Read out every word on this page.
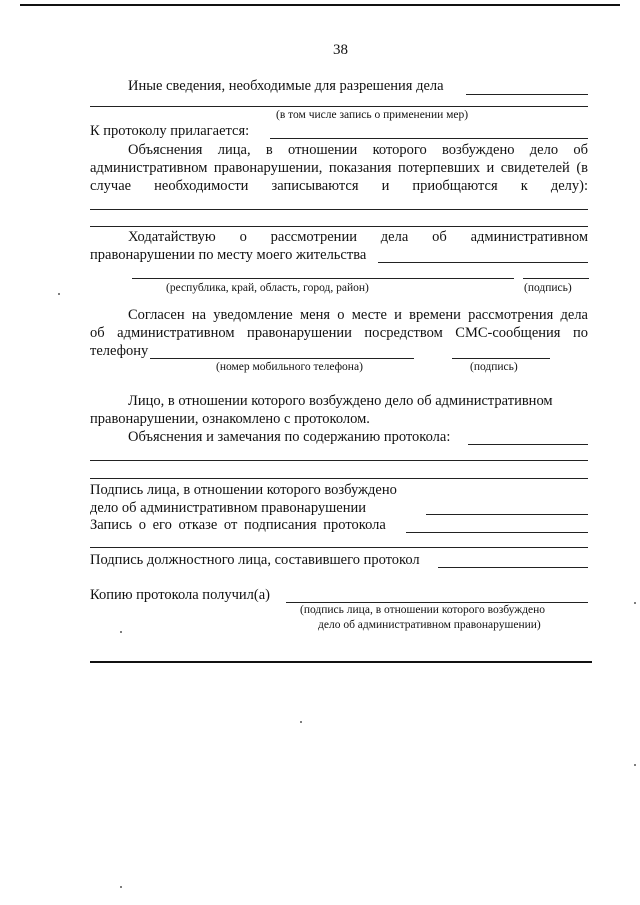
38
Иные сведения, необходимые для разрешения дела
(в том числе запись о применении мер)
К протоколу прилагается:
Объяснения лица, в отношении которого возбуждено дело об
административном правонарушении, показания потерпевших и свидетелей (в
случае необходимости записываются и приобщаются к делу):
Ходатайствую о рассмотрении дела об административном
правонарушении по месту моего жительства
(республика, край, область, город, район)	(подпись)
Согласен на уведомление меня о месте и времени рассмотрения дела
об административном правонарушении посредством СМС-сообщения по
телефону
(номер мобильного телефона)	(подпись)
Лицо, в отношении которого возбуждено дело об административном
правонарушении, ознакомлено с протоколом.
Объяснения и замечания по содержанию протокола:
Подпись лица, в отношении которого возбуждено
дело об административном правонарушении
Запись о его отказе от подписания протокола
Подпись должностного лица, составившего протокол
Копию протокола получил(а)
(подпись лица, в отношении которого возбуждено
дело об административном правонарушении)
